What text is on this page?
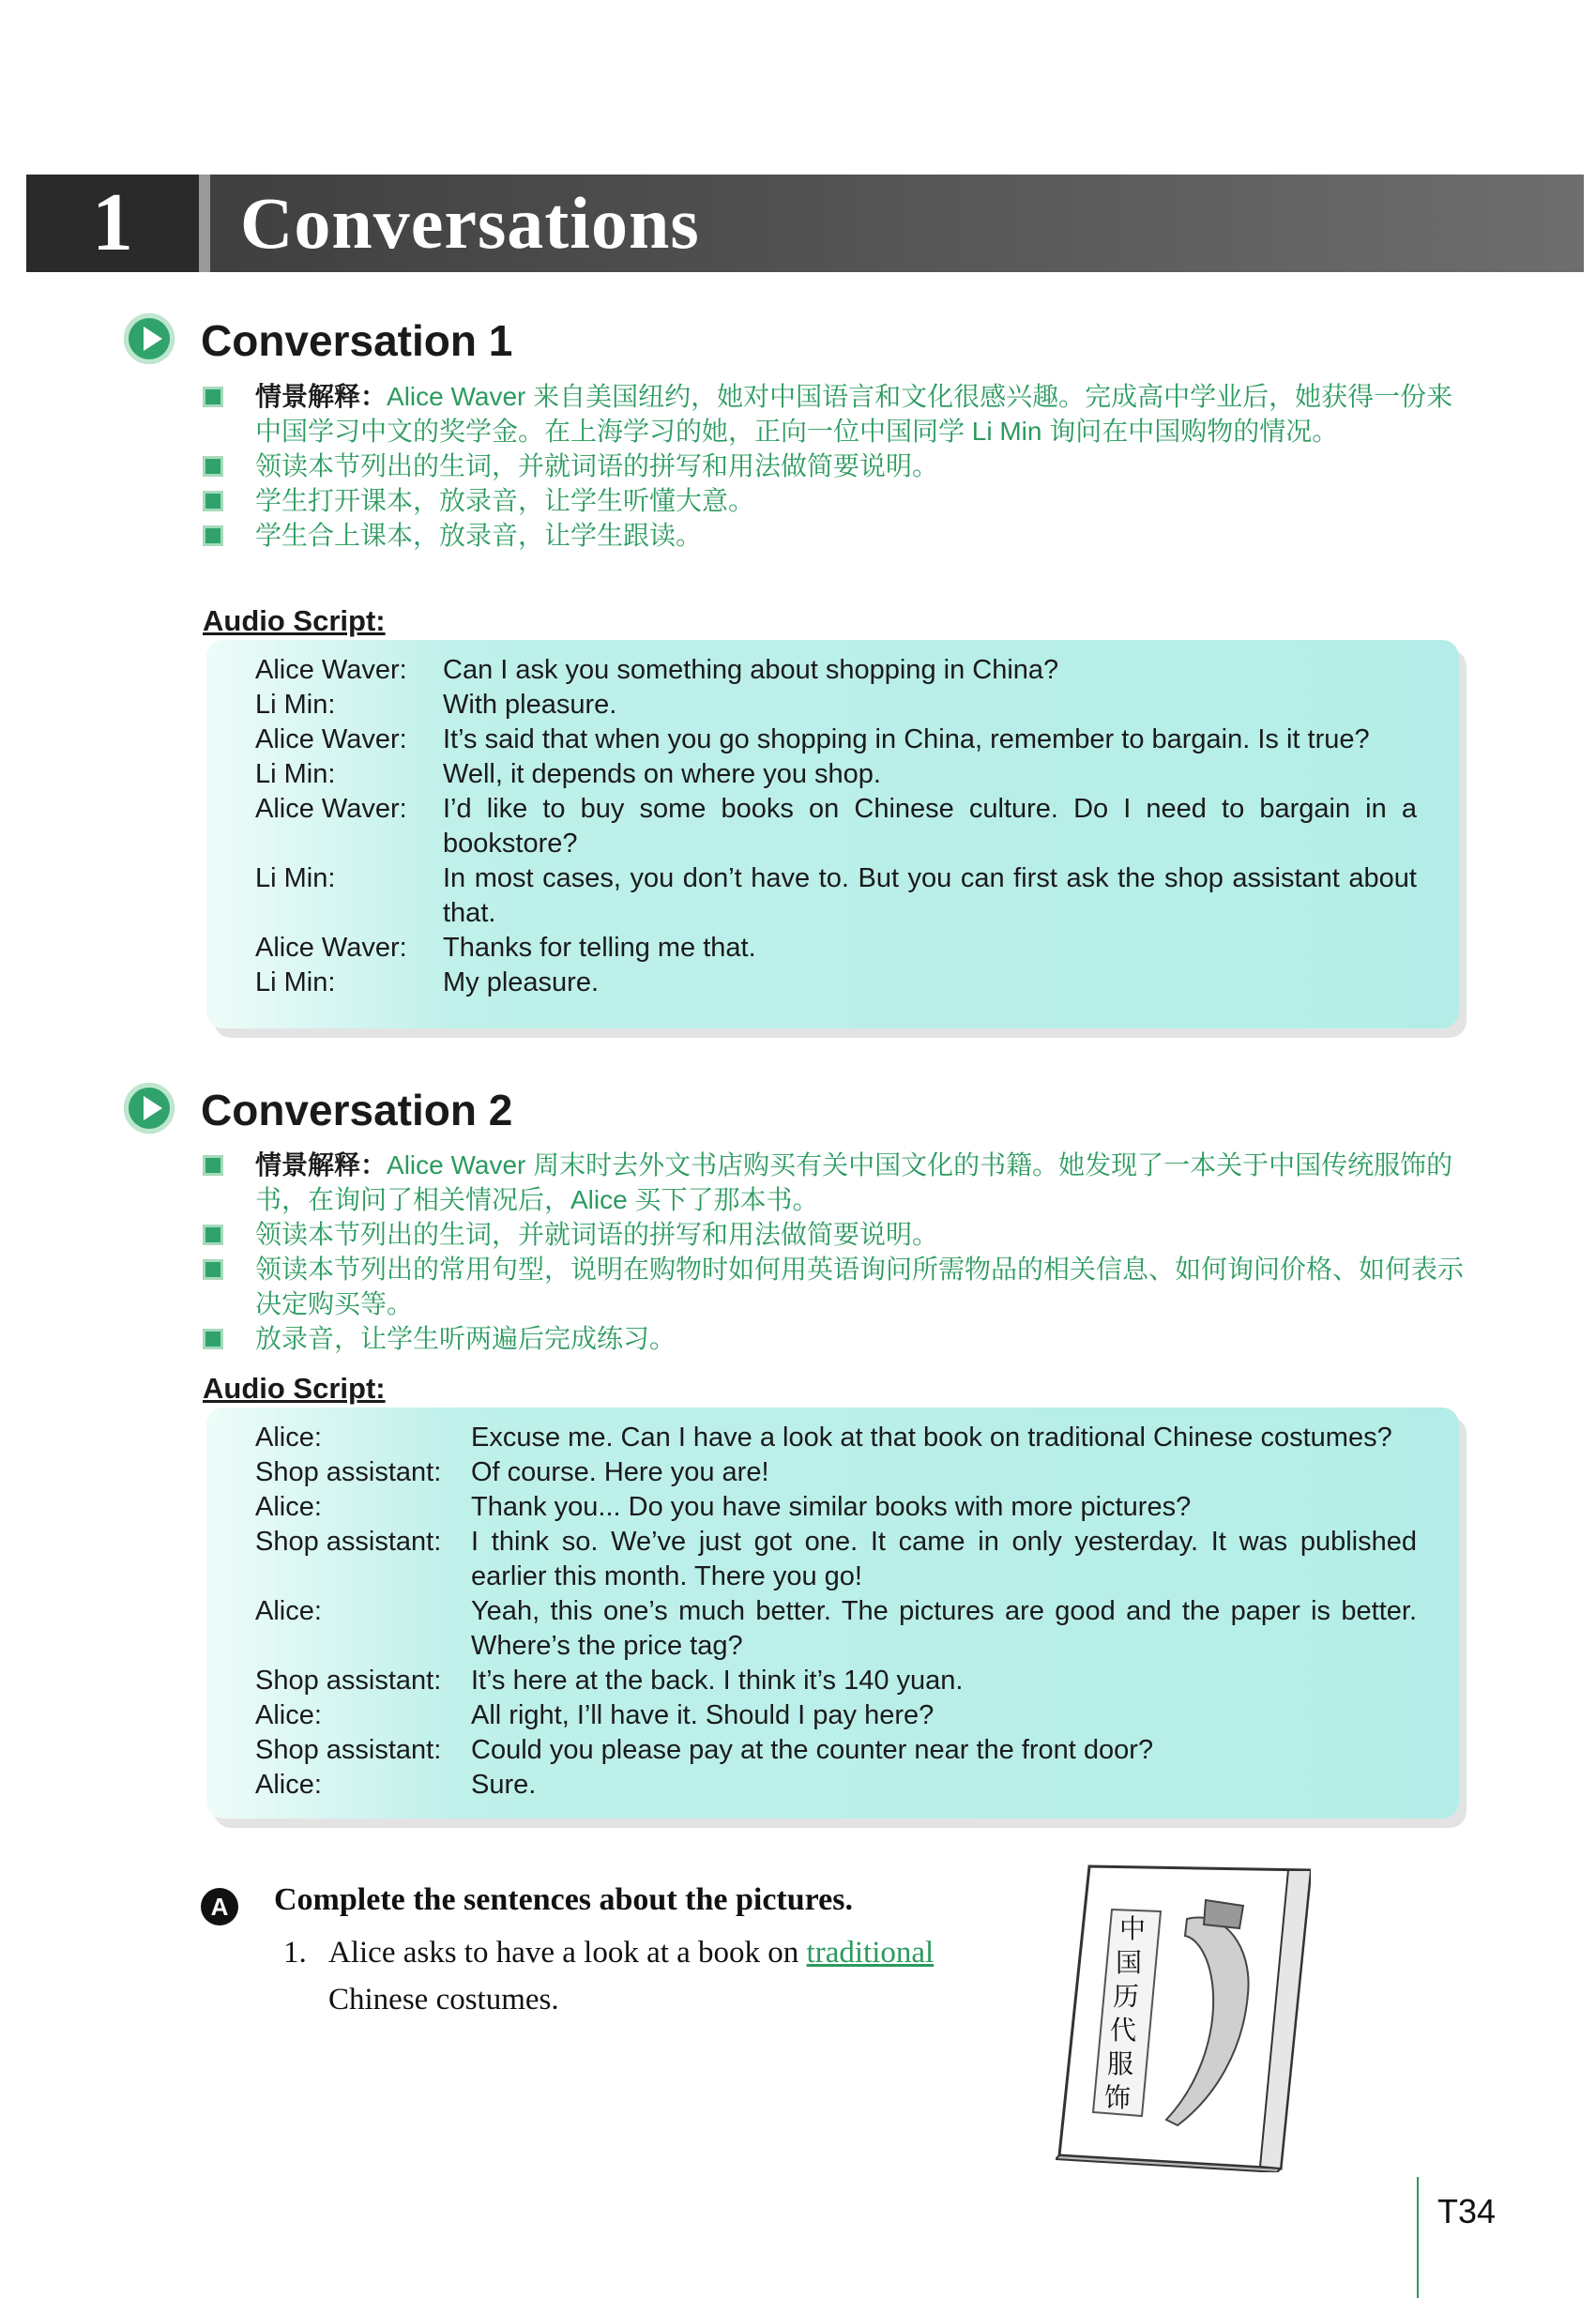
1	Conversations
Conversation 1
情景解释：Alice Waver 来自美国纽约，她对中国语言和文化很感兴趣。完成高中学业后，她获得一份来中国学习中文的奖学金。在上海学习的她，正向一位中国同学 Li Min 询问在中国购物的情况。
领读本节列出的生词，并就词语的拼写和用法做简要说明。
学生打开课本，放录音，让学生听懂大意。
学生合上课本，放录音，让学生跟读。
Audio Script:
Alice Waver: Can I ask you something about shopping in China?
Li Min:	With pleasure.
Alice Waver: It’s said that when you go shopping in China, remember to bargain. Is it true?
Li Min:	Well, it depends on where you shop.
Alice Waver: I’d like to buy some books on Chinese culture. Do I need to bargain in a bookstore?
Li Min:	In most cases, you don’t have to. But you can first ask the shop assistant about that.
Alice Waver: Thanks for telling me that.
Li Min:	My pleasure.
Conversation 2
情景解释：Alice Waver 周末时去外文书店购买有关中国文化的书籍。她发现了一本关于中国传统服饰的书，在询问了相关情况后，Alice 买下了那本书。
领读本节列出的生词，并就词语的拼写和用法做简要说明。
领读本节列出的常用句型，说明在购物时如何用英语询问所需物品的相关信息、如何询问价格、如何表示决定购买等。
放录音，让学生听两遍后完成练习。
Audio Script:
Alice:	Excuse me. Can I have a look at that book on traditional Chinese costumes?
Shop assistant: Of course. Here you are!
Alice:	Thank you... Do you have similar books with more pictures?
Shop assistant: I think so. We’ve just got one. It came in only yesterday. It was published earlier this month. There you go!
Alice:	Yeah, this one’s much better. The pictures are good and the paper is better. Where’s the price tag?
Shop assistant: It’s here at the back. I think it’s 140 yuan.
Alice:	All right, I’ll have it. Should I pay here?
Shop assistant: Could you please pay at the counter near the front door?
Alice:	Sure.
A	Complete the sentences about the pictures.
1. Alice asks to have a look at a book on traditional
Chinese costumes.
中
国
历
代
服
饰
T34
